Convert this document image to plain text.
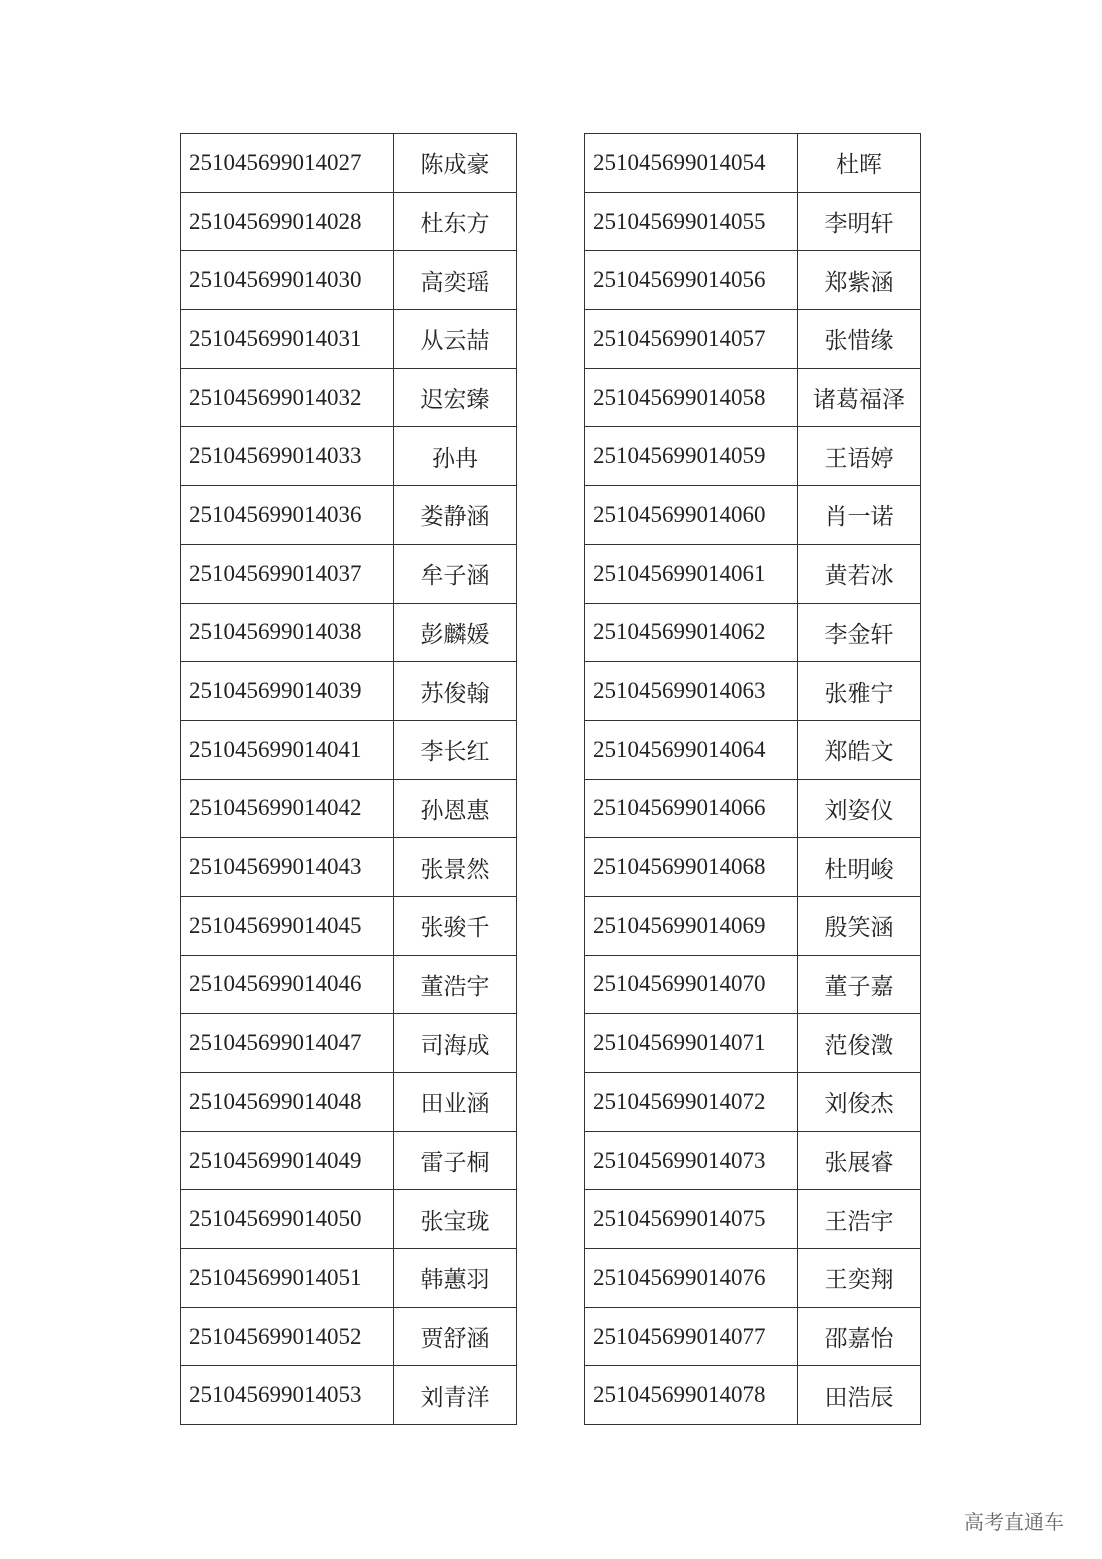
251045699014027	陈成豪
251045699014028	杜东方
251045699014030	高奕瑶
251045699014031	从云喆
251045699014032	迟宏臻
251045699014033	孙冉
251045699014036	娄静涵
251045699014037	牟子涵
251045699014038	彭麟媛
251045699014039	苏俊翰
251045699014041	李长红
251045699014042	孙恩惠
251045699014043	张景然
251045699014045	张骏千
251045699014046	董浩宇
251045699014047	司海成
251045699014048	田业涵
251045699014049	雷子桐
251045699014050	张宝珑
251045699014051	韩蕙羽
251045699014052	贾舒涵
251045699014053	刘青洋
251045699014054	杜晖
251045699014055	李明轩
251045699014056	郑紫涵
251045699014057	张惜缘
251045699014058	诸葛福泽
251045699014059	王语婷
251045699014060	肖一诺
251045699014061	黄若冰
251045699014062	李金轩
251045699014063	张雅宁
251045699014064	郑皓文
251045699014066	刘姿仪
251045699014068	杜明峻
251045699014069	殷笑涵
251045699014070	董子嘉
251045699014071	范俊澂
251045699014072	刘俊杰
251045699014073	张展睿
251045699014075	王浩宇
251045699014076	王奕翔
251045699014077	邵嘉怡
251045699014078	田浩辰
高考直通车
